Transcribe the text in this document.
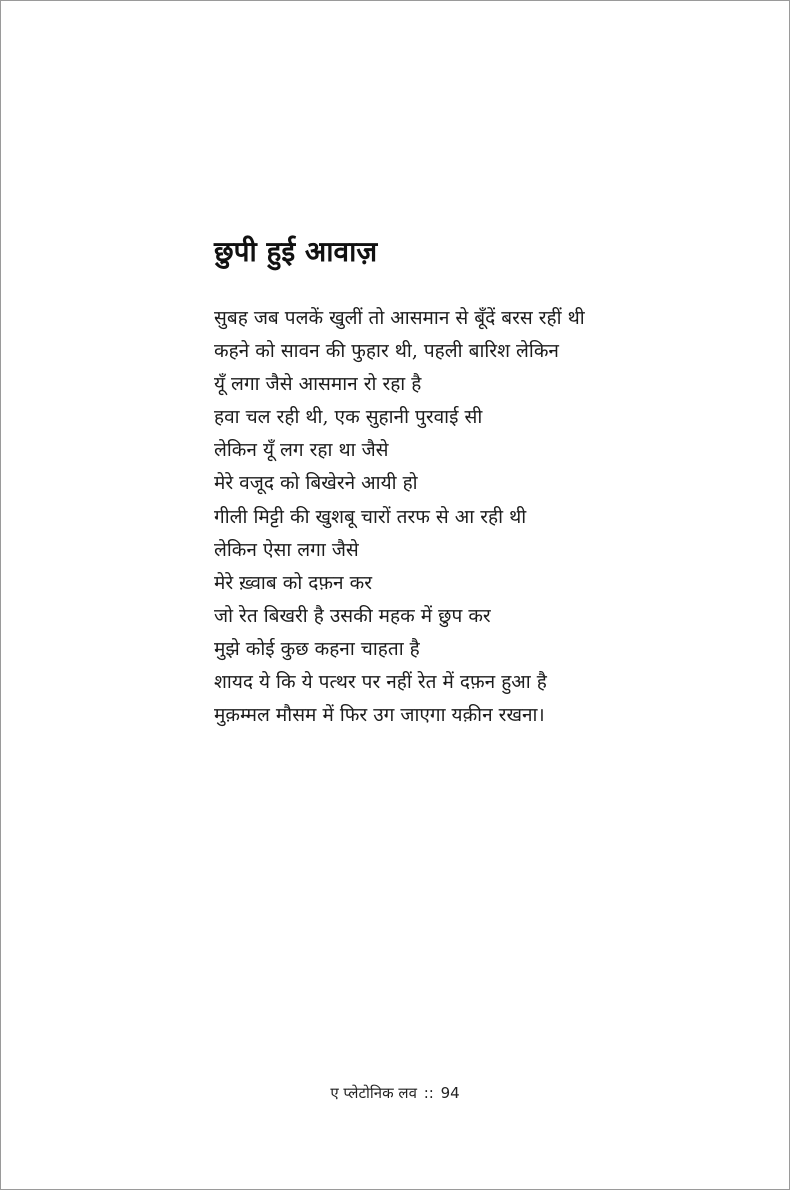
छुपी हुई आवाज़
सुबह जब पलकें खुलीं तो आसमान से बूँदें बरस रहीं थी
कहने को सावन की फुहार थी, पहली बारिश लेकिन
यूँ लगा जैसे आसमान रो रहा है
हवा चल रही थी, एक सुहानी पुरवाई सी
लेकिन यूँ लग रहा था जैसे
मेरे वजूद को बिखेरने आयी हो
गीली मिट्टी की खुशबू चारों तरफ से आ रही थी
लेकिन ऐसा लगा जैसे
मेरे ख़्वाब को दफ़न कर
जो रेत बिखरी है उसकी महक में छुप कर
मुझे कोई कुछ कहना चाहता है
शायद ये कि ये पत्थर पर नहीं रेत में दफ़न हुआ है
मुक़म्मल मौसम में फिर उग जाएगा यक़ीन रखना।
ए प्लेटोनिक लव :: 94
